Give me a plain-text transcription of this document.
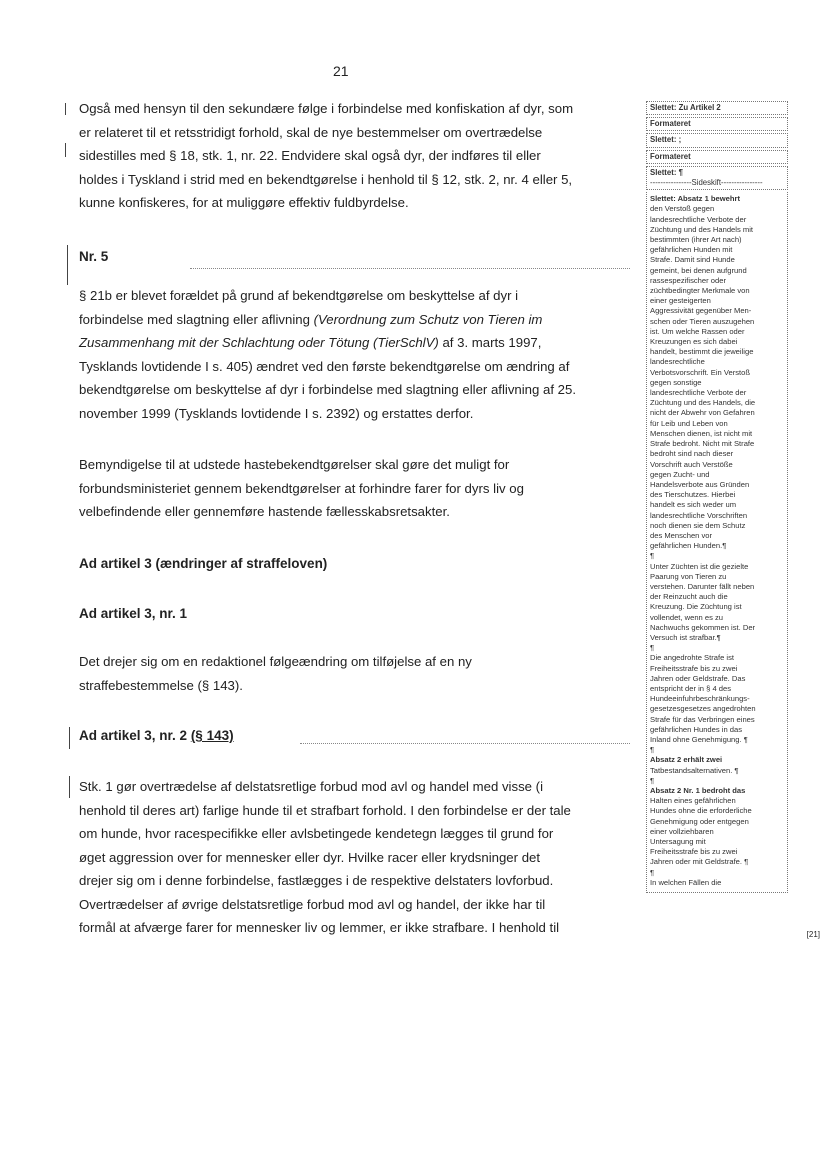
21

Også med hensyn til den sekundære følge i forbindelse med konfiskation af dyr, som
er relateret til et retsstridigt forhold, skal de nye bestemmelser om overtrædelse
sidestilles med § 18, stk. 1, nr. 22. Endvidere skal også dyr, der indføres til eller
holdes i Tyskland i strid med en bekendtgørelse i henhold til § 12, stk. 2, nr. 4 eller 5,
kunne konfiskeres, for at muliggøre effektiv fuldbyrdelse.

Nr. 5

§ 21b er blevet forældet på grund af bekendtgørelse om beskyttelse af dyr i
forbindelse med slagtning eller aflivning (Verordnung zum Schutz von Tieren im
Zusammenhang mit der Schlachtung oder Tötung (TierSchlV) af 3. marts 1997,
Tysklands lovtidende I s. 405) ændret ved den første bekendtgørelse om ændring af
bekendtgørelse om beskyttelse af dyr i forbindelse med slagtning eller aflivning af 25.
november 1999 (Tysklands lovtidende I s. 2392) og erstattes derfor.

Bemyndigelse til at udstede hastebekendtgørelser skal gøre det muligt for
forbundsministeriet gennem bekendtgørelser at forhindre farer for dyrs liv og
velbefindende eller gennemføre hastende fællesskabsretsakter.

Ad artikel 3 (ændringer af straffeloven)

Ad artikel 3, nr. 1

Det drejer sig om en redaktionel følgeændring om tilføjelse af en ny
straffebestemmelse (§ 143).

Ad artikel 3, nr. 2 (§ 143)

Stk. 1 gør overtrædelse af delstatsretlige forbud mod avl og handel med visse (i
henhold til deres art) farlige hunde til et strafbart forhold. I den forbindelse er der tale
om hunde, hvor racespecifikke eller avlsbetingede kendetegn lægges til grund for
øget aggression over for mennesker eller dyr. Hvilke racer eller krydsninger det
drejer sig om i denne forbindelse, fastlægges i de respektive delstaters lovforbud.
Overtrædelser af øvrige delstatsretlige forbud mod avl og handel, der ikke har til
formål at afværge farer for mennesker liv og lemmer, er ikke strafbare. I henhold til

Slettet: Zu Artikel 2
Formateret
Slettet: ;
Formateret
Slettet: ¶
----------------Sideskift----------------

Slettet: Absatz 1 bewehrt

den Verstoß gegen

landesrechtliche Verbote der

Züchtung und des Handels mit

bestimmten (ihrer Art nach)

gefährlichen Hunden mit

Strafe. Damit sind Hunde

gemeint, bei denen aufgrund

rassespezifischer oder

züchtbedingter Merkmale von

einer gesteigerten

Aggressivität gegenüber Men-

schen oder Tieren auszugehen

ist. Um welche Rassen oder

Kreuzungen es sich dabei

handelt, bestimmt die jeweilige

landesrechtliche

Verbotsvorschrift. Ein Verstoß

gegen sonstige

landesrechtliche Verbote der

Züchtung und des Handels, die

nicht der Abwehr von Gefahren

für Leib und Leben von

Menschen dienen, ist nicht mit

Strafe bedroht. Nicht mit Strafe

bedroht sind nach dieser

Vorschrift auch Verstöße

gegen Zucht- und

Handelsverbote aus Gründen

des Tierschutzes. Hierbei

handelt es sich weder um

landesrechtliche Vorschriften

noch dienen sie dem Schutz

des Menschen vor

gefährlichen Hunden.¶

¶

Unter Züchten ist die gezielte

Paarung von Tieren zu

verstehen. Darunter fällt neben

der Reinzucht auch die

Kreuzung. Die Züchtung ist

vollendet, wenn es zu

Nachwuchs gekommen ist. Der

Versuch ist strafbar.¶

¶

Die angedrohte Strafe ist

Freiheitsstrafe bis zu zwei

Jahren oder Geldstrafe. Das

entspricht der in § 4 des

Hundeeinfuhrbeschränkungs-

gesetzesgesetzes angedrohten

Strafe für das Verbringen eines

gefährlichen Hundes in das

Inland ohne Genehmigung. ¶

¶

Absatz 2 erhält zwei

Tatbestandsalternativen. ¶

¶

Absatz 2 Nr. 1 bedroht das

Halten eines gefährlichen

Hundes ohne die erforderliche

Genehmigung oder entgegen

einer vollziehbaren

Untersagung mit

Freiheitsstrafe bis zu zwei

Jahren oder mit Geldstrafe. ¶

¶

In welchen Fällen die

[21]
